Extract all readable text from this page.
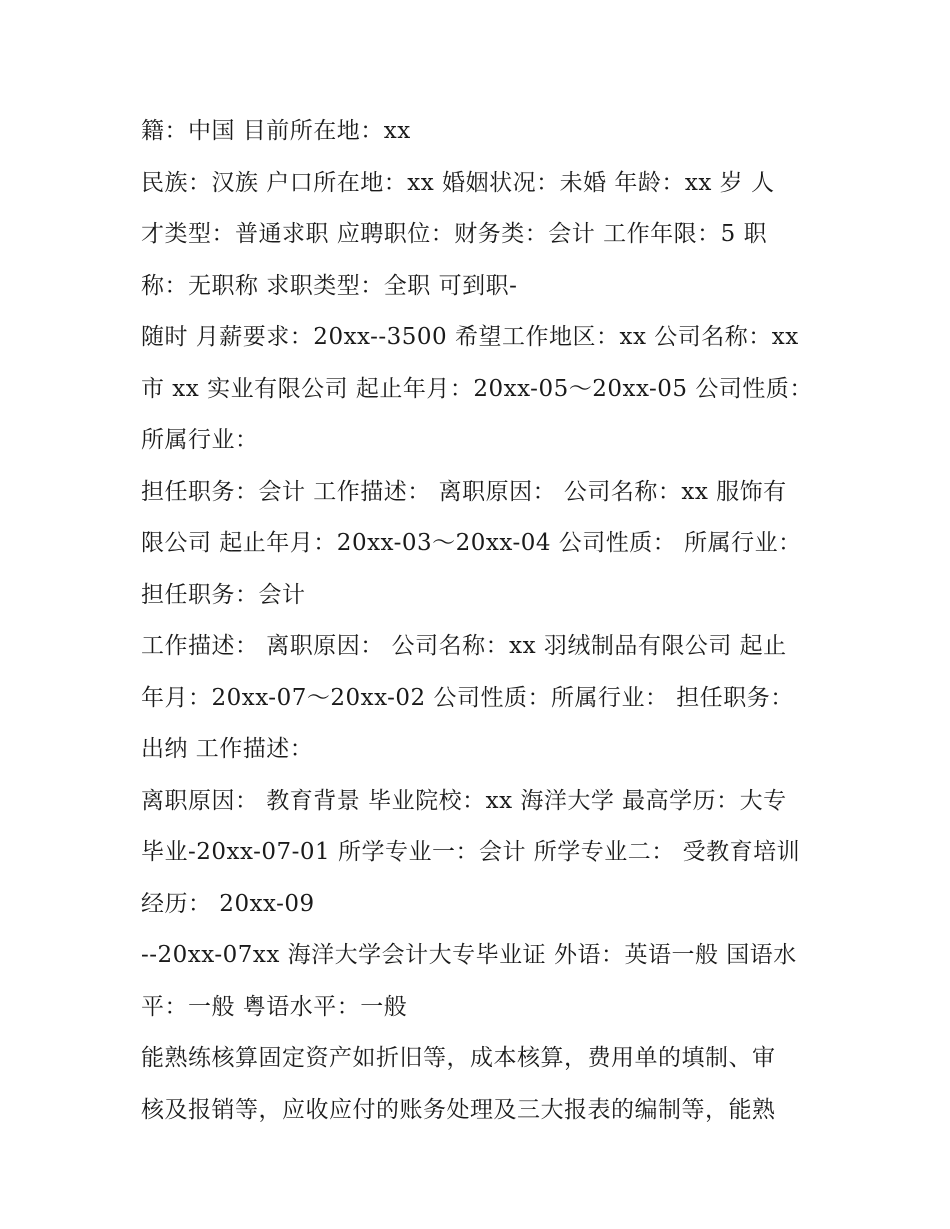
籍：中国 目前所在地：xx
民族：汉族 户口所在地：xx 婚姻状况：未婚 年龄：xx 岁 人
才类型：普通求职 应聘职位：财务类：会计 工作年限：5 职
称：无职称 求职类型：全职 可到职-
随时 月薪要求：20xx--3500 希望工作地区：xx 公司名称：xx
市 xx 实业有限公司 起止年月：20xx-05～20xx-05 公司性质：
所属行业：
担任职务：会计 工作描述： 离职原因： 公司名称：xx 服饰有
限公司 起止年月：20xx-03～20xx-04 公司性质： 所属行业：
担任职务：会计
工作描述： 离职原因： 公司名称：xx 羽绒制品有限公司 起止
年月：20xx-07～20xx-02 公司性质：所属行业： 担任职务：
出纳 工作描述：
离职原因： 教育背景 毕业院校：xx 海洋大学 最高学历：大专
毕业-20xx-07-01 所学专业一：会计 所学专业二： 受教育培训
经历： 20xx-09
--20xx-07xx 海洋大学会计大专毕业证 外语：英语一般 国语水
平：一般 粤语水平：一般
能熟练核算固定资产如折旧等，成本核算，费用单的填制、审
核及报销等，应收应付的账务处理及三大报表的编制等，能熟
